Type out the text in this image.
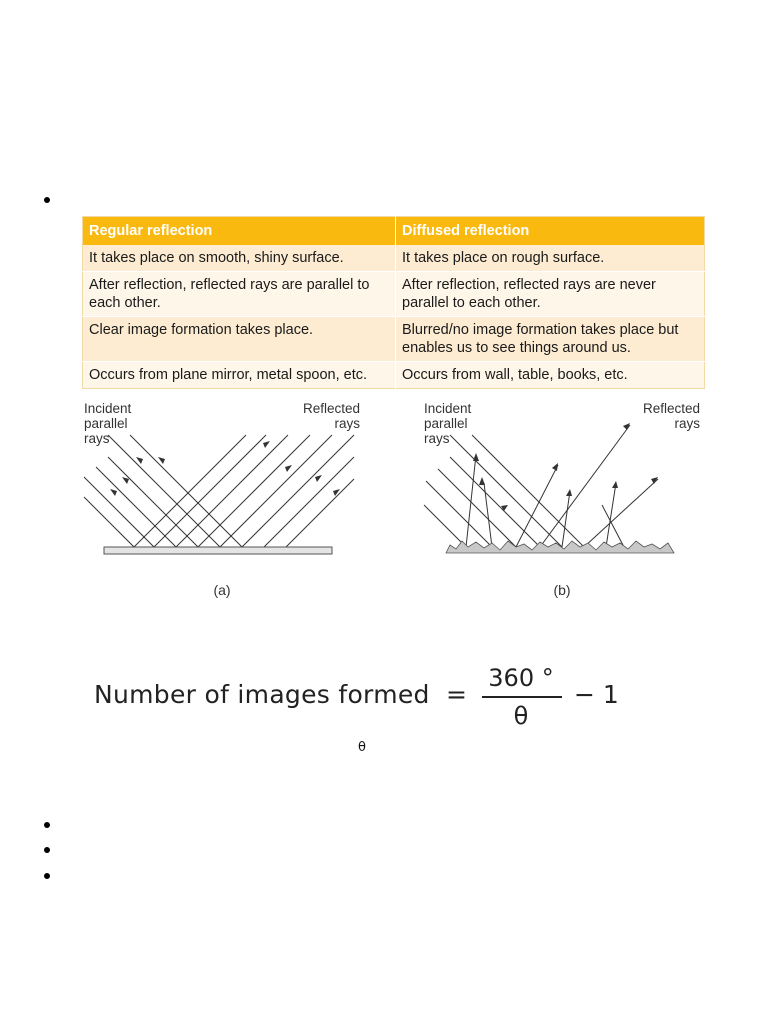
Regular reflection	Diffused reflection
It takes place on smooth, shiny surface.	It takes place on rough surface.
After reflection, reflected rays are parallel to each other.	After reflection, reflected rays are never parallel to each other.
Clear image formation takes place.	Blurred/no image formation takes place but enables us to see things around us.
Occurs from plane mirror, metal spoon, etc.	Occurs from wall, table, books, etc.
Incident
parallel
rays
Reflected
rays
(a)
Incident
parallel
rays
Reflected
rays
(b)
Number of images formed =
360 °
θ
− 1
θ
